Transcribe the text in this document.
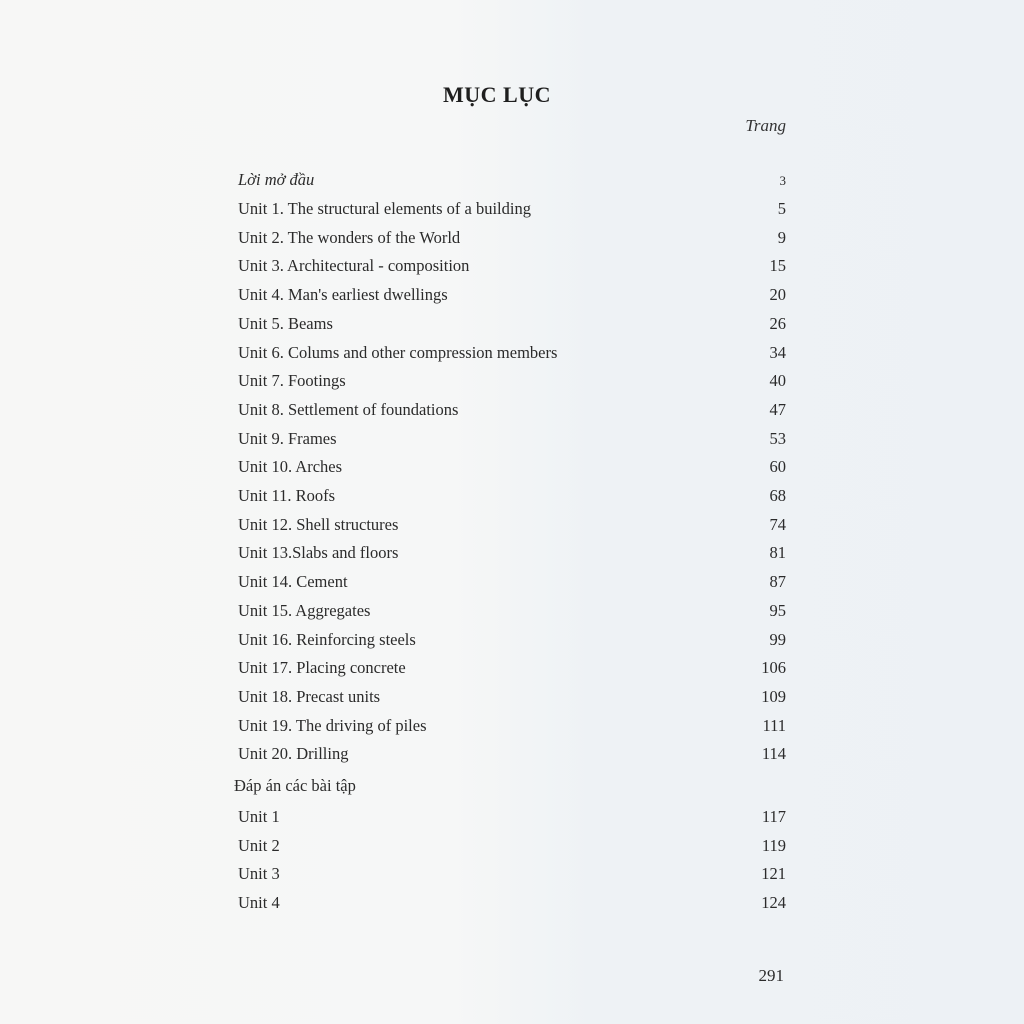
MỤC LỤC
Trang
Lời mở đầu	3
Unit 1. The structural elements of a building	5
Unit 2. The wonders of the World	9
Unit 3. Architectural - composition	15
Unit 4. Man's earliest dwellings	20
Unit 5. Beams	26
Unit 6. Colums and other compression members	34
Unit 7. Footings	40
Unit 8. Settlement of foundations	47
Unit 9. Frames	53
Unit 10. Arches	60
Unit 11. Roofs	68
Unit 12. Shell structures	74
Unit 13.Slabs and floors	81
Unit 14. Cement	87
Unit 15. Aggregates	95
Unit 16. Reinforcing steels	99
Unit 17. Placing concrete	106
Unit 18. Precast units	109
Unit 19. The driving of piles	111
Unit 20. Drilling	114
Đáp án các bài tập
Unit 1	117
Unit 2	119
Unit 3	121
Unit 4	124
291
